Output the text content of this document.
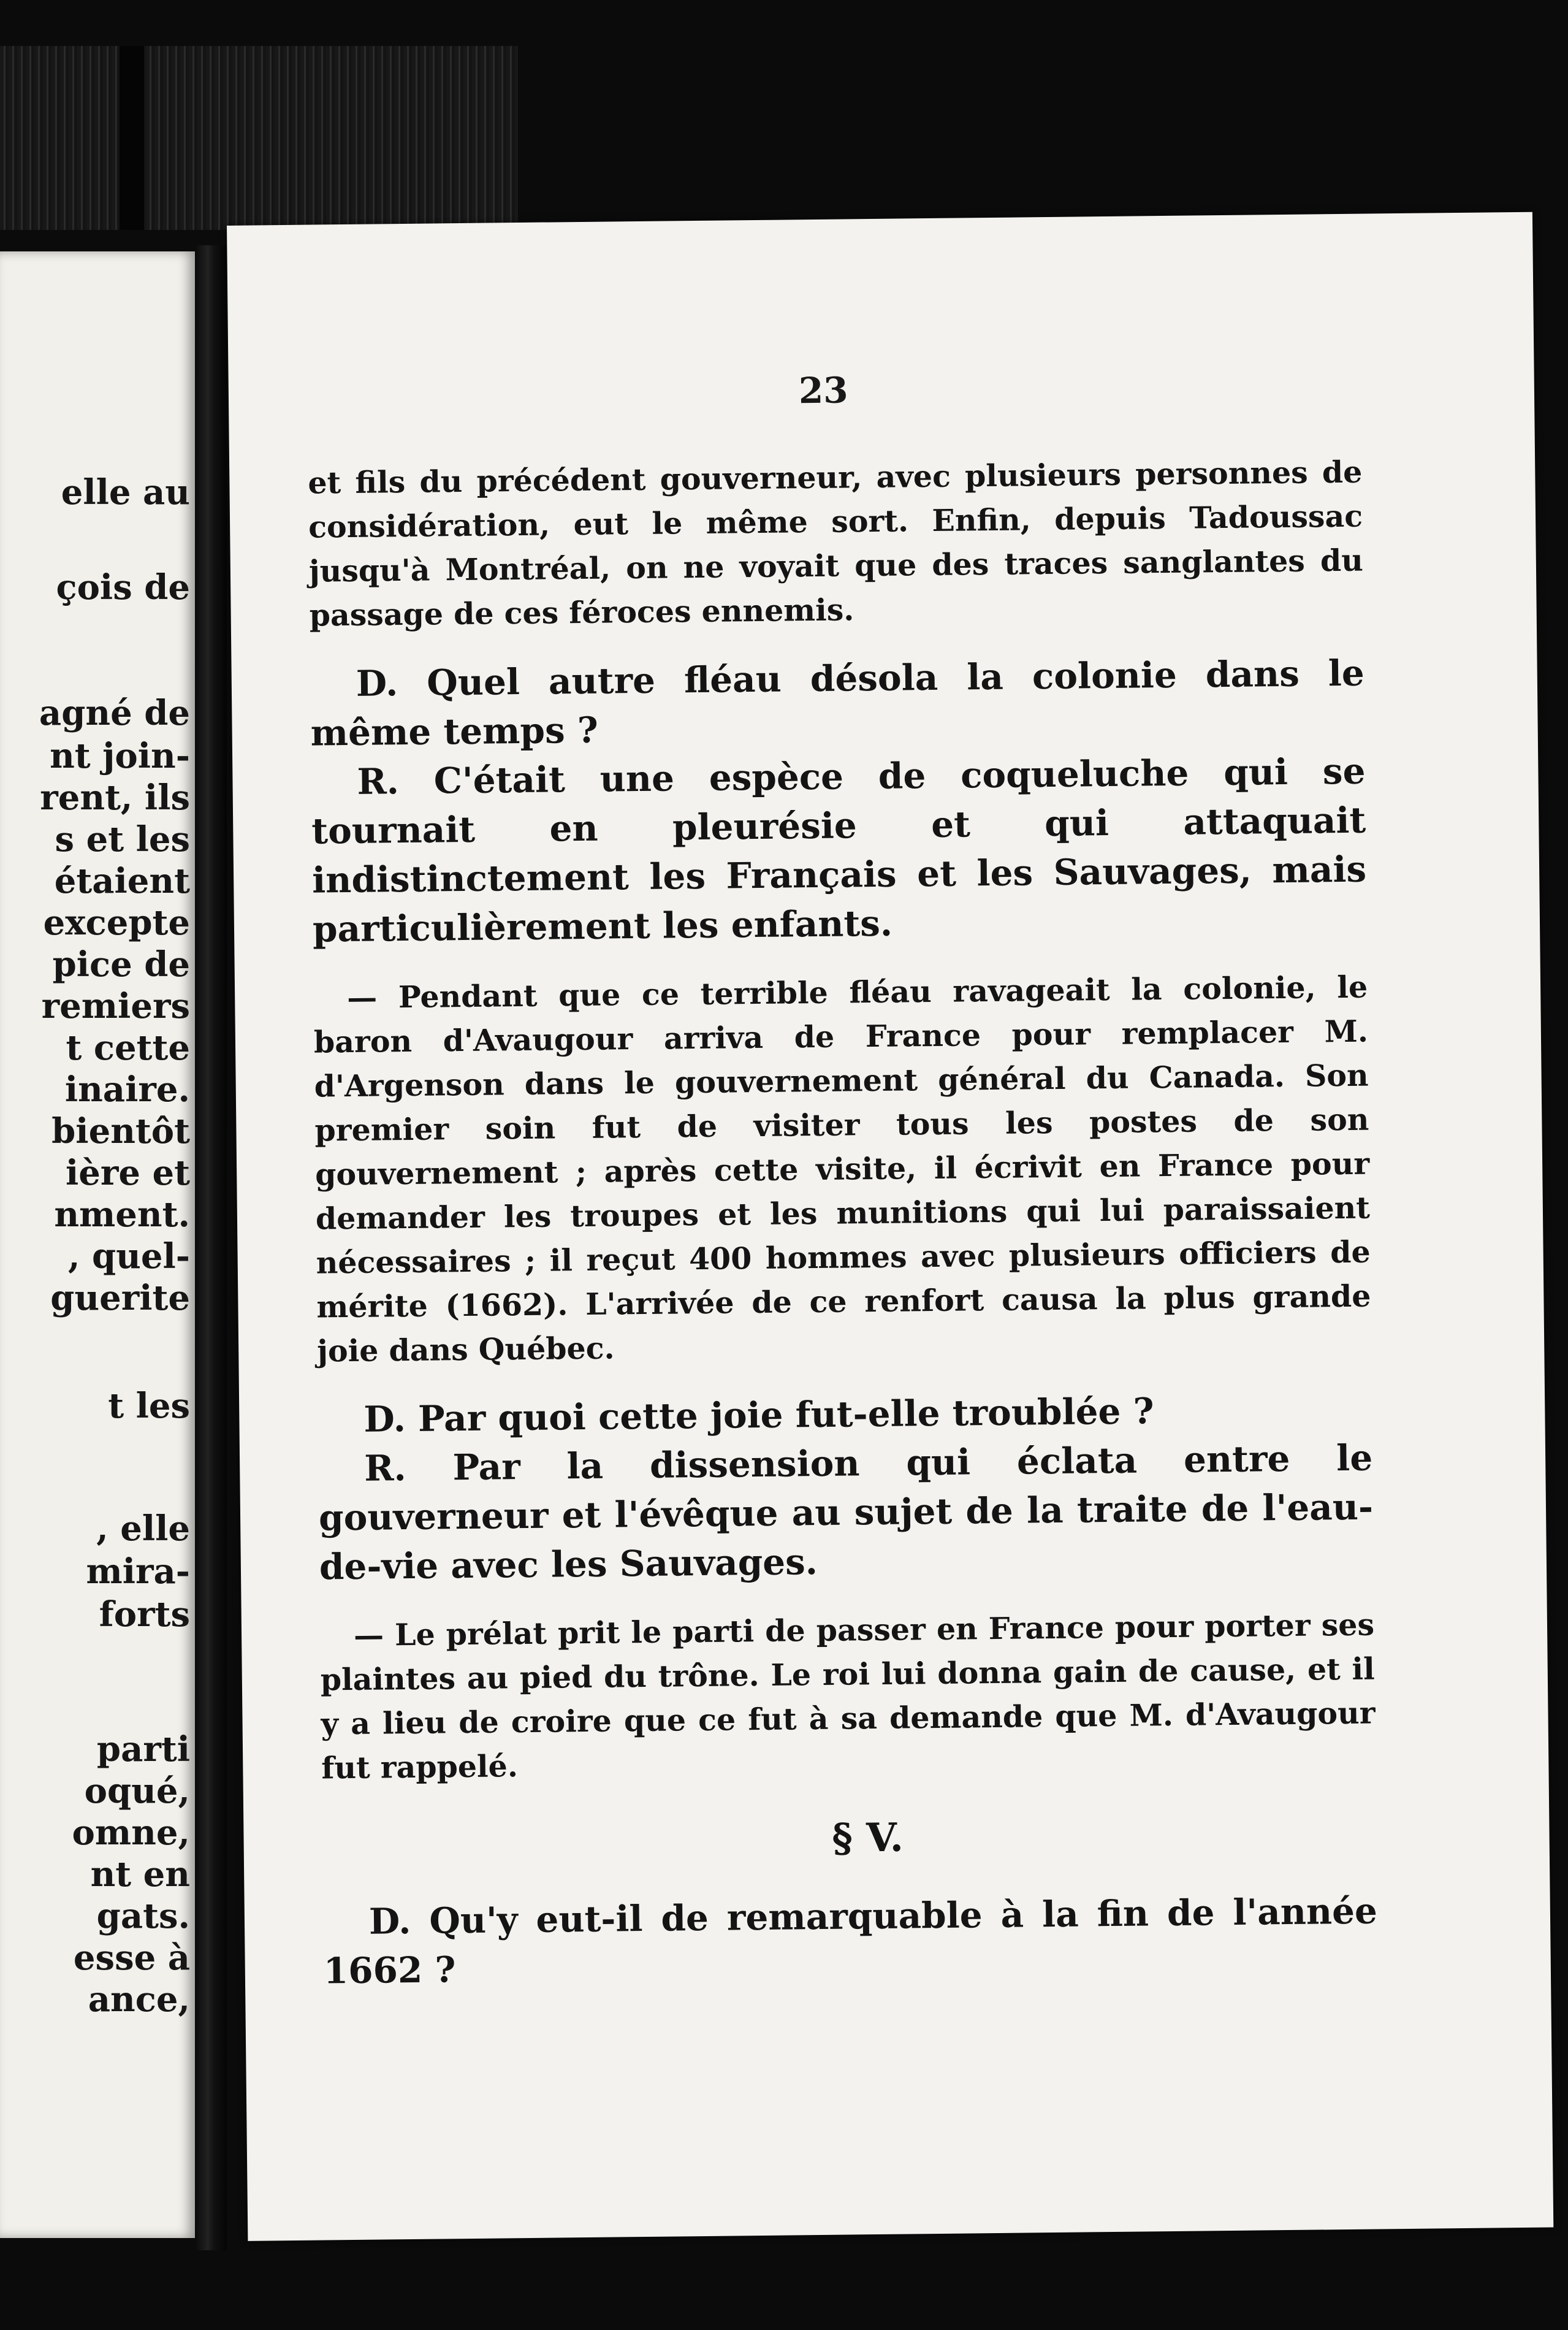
elle au
çois de
agné de
nt join-
rent, ils
s et les
étaient
excepte
pice de
remiers
t cette
inaire.
bientôt
ière et
nment.
, quel-
guerite
t les
, elle
mira-
forts
parti
oqué,
omne,
nt en
gats.
esse à
ance,
23

et fils du précédent gouverneur, avec plusieurs personnes de considération, eut le même sort. Enfin, depuis Tadoussac jusqu'à Montréal, on ne voyait que des traces sanglantes du passage de ces féroces ennemis.

D. Quel autre fléau désola la colonie dans le même temps ?

R. C'était une espèce de coqueluche qui se tournait en pleurésie et qui attaquait indistinctement les Français et les Sauvages, mais particulièrement les enfants.

— Pendant que ce terrible fléau ravageait la colonie, le baron d'Avaugour arriva de France pour remplacer M. d'Argenson dans le gouvernement général du Canada. Son premier soin fut de visiter tous les postes de son gouvernement ; après cette visite, il écrivit en France pour demander les troupes et les munitions qui lui paraissaient nécessaires ; il reçut 400 hommes avec plusieurs officiers de mérite (1662). L'arrivée de ce renfort causa la plus grande joie dans Québec.

D. Par quoi cette joie fut-elle troublée ?

R. Par la dissension qui éclata entre le gouverneur et l'évêque au sujet de la traite de l'eau-de-vie avec les Sauvages.

— Le prélat prit le parti de passer en France pour porter ses plaintes au pied du trône. Le roi lui donna gain de cause, et il y a lieu de croire que ce fut à sa demande que M. d'Avaugour fut rappelé.

§ V.

D. Qu'y eut-il de remarquable à la fin de l'année 1662 ?
